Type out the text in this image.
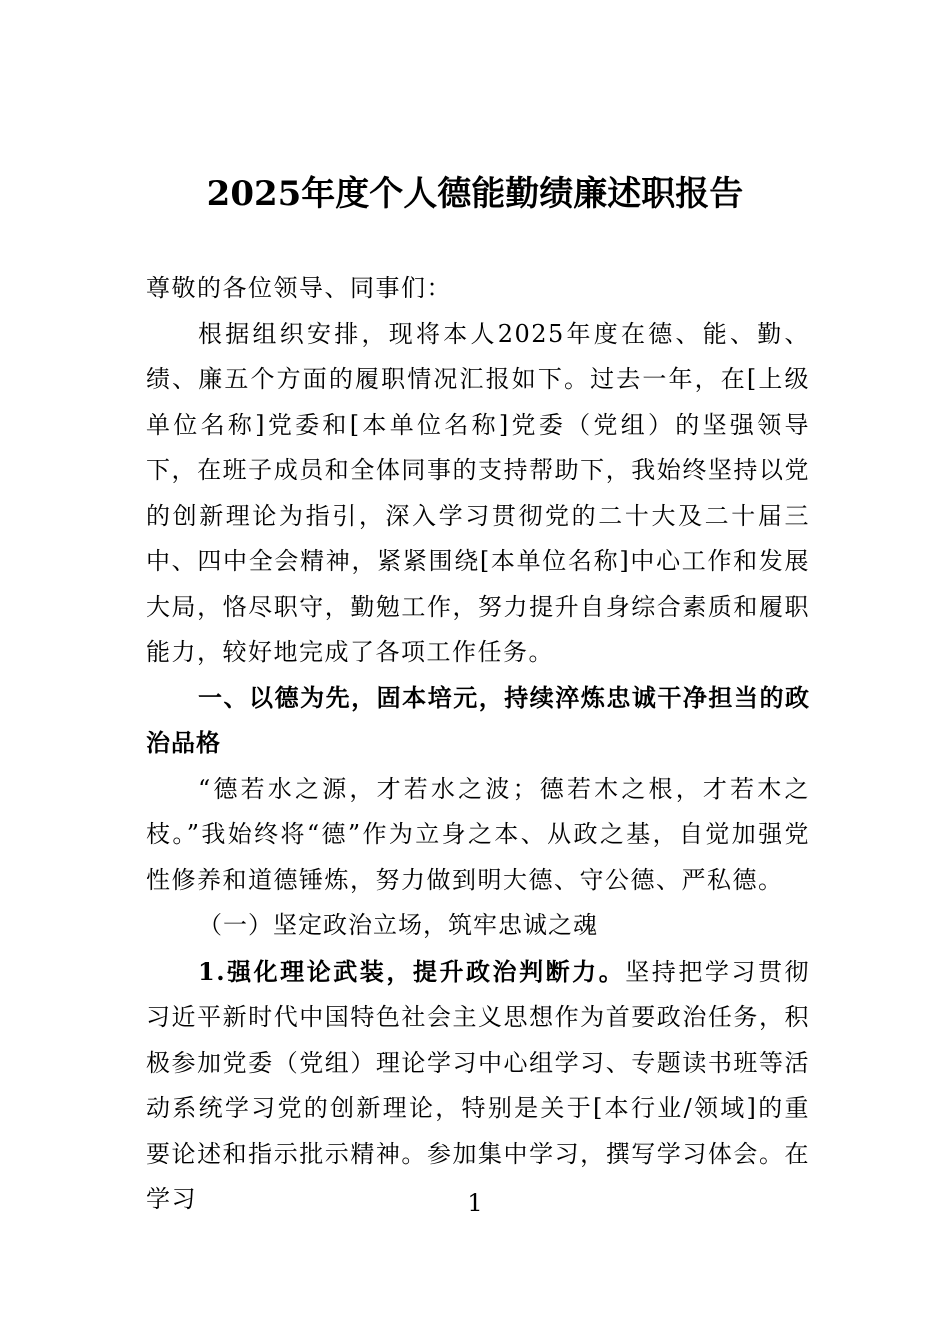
2025年度个人德能勤绩廉述职报告

尊敬的各位领导、同事们：

根据组织安排，现将本人2025年度在德、能、勤、绩、廉五个方面的履职情况汇报如下。过去一年，在[上级单位名称]党委和[本单位名称]党委（党组）的坚强领导下，在班子成员和全体同事的支持帮助下，我始终坚持以党的创新理论为指引，深入学习贯彻党的二十大及二十届三中、四中全会精神，紧紧围绕[本单位名称]中心工作和发展大局，恪尽职守，勤勉工作，努力提升自身综合素质和履职能力，较好地完成了各项工作任务。

一、以德为先，固本培元，持续淬炼忠诚干净担当的政治品格

“德若水之源，才若水之波；德若木之根，才若木之枝。”我始终将“德”作为立身之本、从政之基，自觉加强党性修养和道德锤炼，努力做到明大德、守公德、严私德。

（一）坚定政治立场，筑牢忠诚之魂

1.强化理论武装，提升政治判断力。坚持把学习贯彻习近平新时代中国特色社会主义思想作为首要政治任务，积极参加党委（党组）理论学习中心组学习、专题读书班等活动系统学习党的创新理论，特别是关于[本行业/领域]的重要论述和指示批示精神。参加集中学习，撰写学习体会。在学习	1
